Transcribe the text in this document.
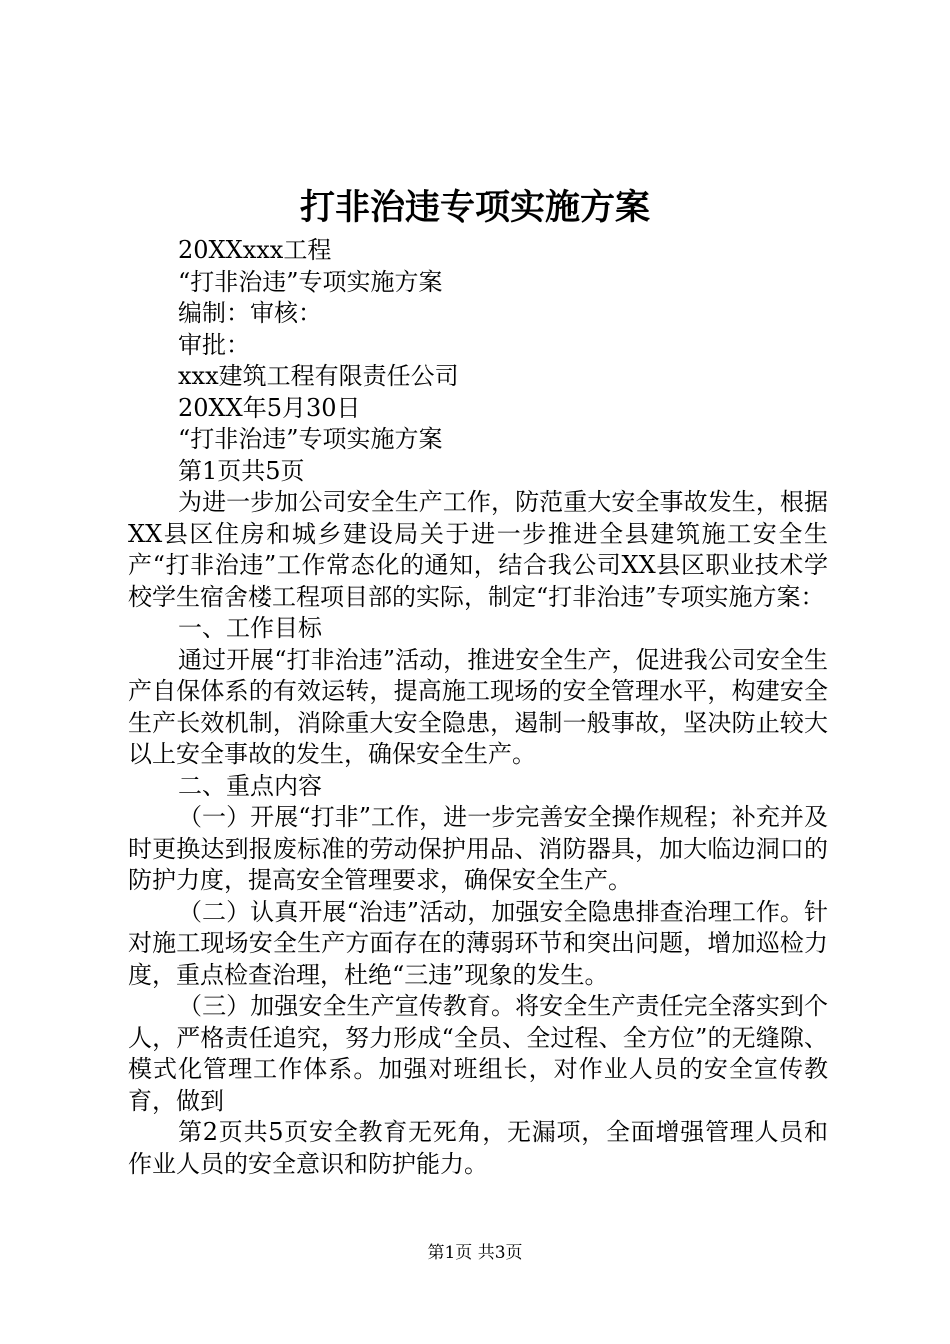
打非治违专项实施方案

20XXxxx工程

“打非治违”专项实施方案

编制：审核：

审批：

xxx建筑工程有限责任公司

20XX年5月30日

“打非治违”专项实施方案

第1页共5页

为进一步加公司安全生产工作，防范重大安全事故发生，根据XX县区住房和城乡建设局关于进一步推进全县建筑施工安全生产“打非治违”工作常态化的通知，结合我公司XX县区职业技术学校学生宿舍楼工程项目部的实际，制定“打非治违”专项实施方案：

一、工作目标

通过开展“打非治违”活动，推进安全生产，促进我公司安全生产自保体系的有效运转，提高施工现场的安全管理水平，构建安全生产长效机制，消除重大安全隐患，遏制一般事故，坚决防止较大以上安全事故的发生，确保安全生产。

二、重点内容

（一）开展“打非”工作，进一步完善安全操作规程；补充并及时更换达到报废标准的劳动保护用品、消防器具，加大临边洞口的防护力度，提高安全管理要求，确保安全生产。

（二）认真开展“治违”活动，加强安全隐患排查治理工作。针对施工现场安全生产方面存在的薄弱环节和突出问题，增加巡检力度，重点检查治理，杜绝“三违”现象的发生。

（三）加强安全生产宣传教育。将安全生产责任完全落实到个人，严格责任追究，努力形成“全员、全过程、全方位”的无缝隙、模式化管理工作体系。加强对班组长，对作业人员的安全宣传教育，做到

第2页共5页安全教育无死角，无漏项，全面增强管理人员和作业人员的安全意识和防护能力。

第1页 共3页
